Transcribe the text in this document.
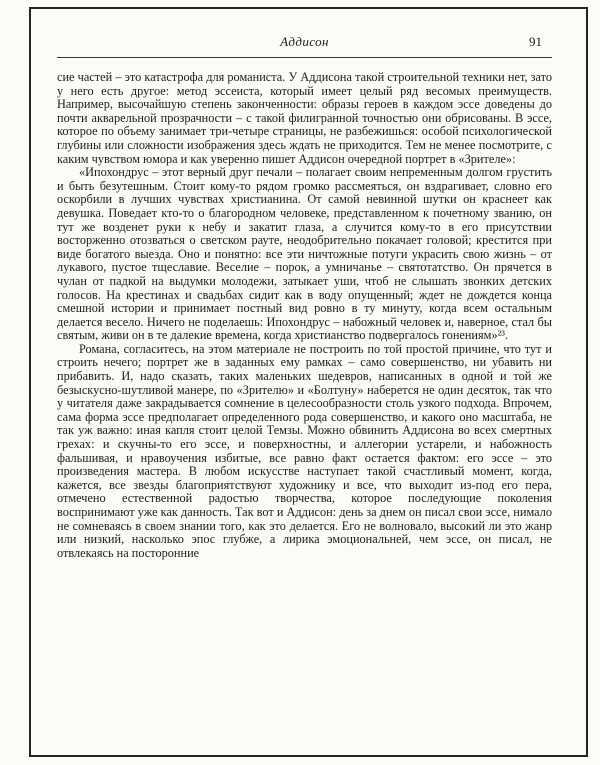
Аддисон	91

сие частей – это катастрофа для романиста. У Аддисона такой строительной техники нет, зато у него есть другое: метод эссеиста, который имеет целый ряд весомых преимуществ. Например, высочайшую степень законченности: образы героев в каждом эссе доведены до почти акварельной прозрачности – с такой филигранной точностью они обрисованы. В эссе, которое по объему занимает три-четыре страницы, не разбежишься: особой психологической глубины или сложности изображения здесь ждать не приходится. Тем не менее посмотрите, с каким чувством юмора и как уверенно пишет Аддисон очередной портрет в «Зрителе»:

«Ипохондрус – этот верный друг печали – полагает своим непременным долгом грустить и быть безутешным. Стоит кому-то рядом громко рассмеяться, он вздрагивает, словно его оскорбили в лучших чувствах христианина. От самой невинной шутки он краснеет как девушка. Поведает кто-то о благородном человеке, представленном к почетному званию, он тут же возденет руки к небу и закатит глаза, а случится кому-то в его присутствии восторженно отозваться о светском рауте, неодобрительно покачает головой; крестится при виде богатого выезда. Оно и понятно: все эти ничтожные потуги украсить свою жизнь – от лукавого, пустое тщеславие. Веселие – порок, а умничанье – святотатство. Он прячется в чулан от падкой на выдумки молодежи, затыкает уши, чтоб не слышать звонких детских голосов. На крестинах и свадьбах сидит как в воду опущенный; ждет не дождется конца смешной истории и принимает постный вид ровно в ту минуту, когда всем остальным делается весело. Ничего не поделаешь: Ипохондрус – набожный человек и, наверное, стал бы святым, живи он в те далекие времена, когда христианство подвергалось гонениям»²³.

Романа, согласитесь, на этом материале не построить по той простой причине, что тут и строить нечего; портрет же в заданных ему рамках – само совершенство, ни убавить ни прибавить. И, надо сказать, таких маленьких шедевров, написанных в одной и той же безыскусно-шутливой манере, по «Зрителю» и «Болтуну» наберется не один десяток, так что у читателя даже закрадывается сомнение в целесообразности столь узкого подхода. Впрочем, сама форма эссе предполагает определенного рода совершенство, и какого оно масштаба, не так уж важно: иная капля стоит целой Темзы. Можно обвинить Аддисона во всех смертных грехах: и скучны-то его эссе, и поверхностны, и аллегории устарели, и набожность фальшивая, и нравоучения избитые, все равно факт остается фактом: его эссе – это произведения мастера. В любом искусстве наступает такой счастливый момент, когда, кажется, все звезды благоприятствуют художнику и все, что выходит из-под его пера, отмечено естественной радостью творчества, которое последующие поколения воспринимают уже как данность. Так вот и Аддисон: день за днем он писал свои эссе, нимало не сомневаясь в своем знании того, как это делается. Его не волновало, высокий ли это жанр или низкий, насколько эпос глубже, а лирика эмоциональней, чем эссе, он писал, не отвлекаясь на посторонние
